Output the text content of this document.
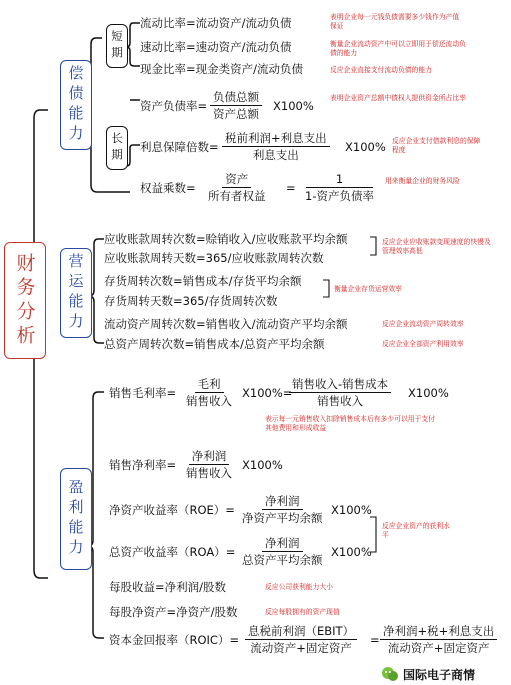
财务分析
偿债能力
营运能力
盈利能力
短期
长期
流动比率=流动资产/流动负债	表明企业每一元钱负债需要多少钱作为产值保证
速动比率=速动资产/流动负债	衡量企业流动资产中可以立即用于偿还流动负债的能力
现金比率=现金类资产/流动负债	反应企业直接支付流动负债的能力
资产负债率=
负债总额
资产总额
X100%
表明企业资产总额中债权人提供资金所占比率
利息保障倍数=
税前利润+利息支出
利息支出
X100% 反应企业支付借款利息的保障程度
权益乘数=
资产
所有者权益
=
1
1-资产负债率
用来衡量企业的财务风险
应收账款周转次数=赊销收入/应收账款平均余额
应收账款周转天数=365/应收账款周转次数
反应企业应收账款变现速度的快慢及管理效率高低
存货周转次数=销售成本/存货平均余额
存货周转天数=365/存货周转次数
衡量企业存货运营效率
流动资产周转次数=销售收入/流动资产平均余额	反应企业流动资产周转效率
总资产周转次数=销售成本/总资产平均余额	反应企业全部资产利用效率
销售毛利率=
毛利
销售收入
X100%=
销售收入-销售成本
销售收入
X100%
表示每一元销售收入扣除销售成本后有多少可以用于支付其他费用和形成收益
销售净利率=
净利润
销售收入
X100%
净资产收益率（ROE）=
净利润
净资产平均余额
X100%
总资产收益率（ROA）=
净利润
总资产平均余额
X100%
反应企业资产的获利水平
每股收益=净利润/股数	反应公司获利能力大小
每股净资产=净资产/股数	反应每股拥有的资产现值
资本金回报率（ROIC）=
息税前利润（EBIT）
流动资产+固定资产
=
净利润+税+利息支出
流动资产+固定资产
国际电子商情
